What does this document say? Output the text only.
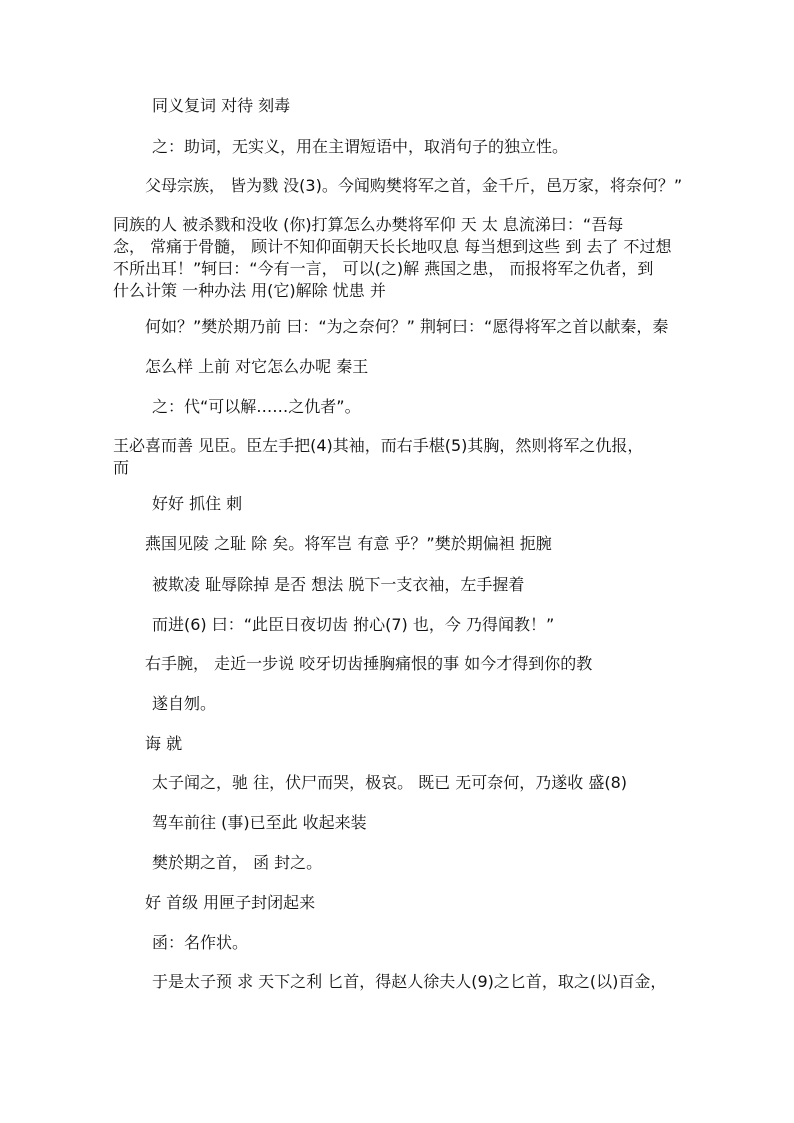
同义复词 对待 刻毒

之：助词，无实义，用在主谓短语中，取消句子的独立性。

父母宗族， 皆为戮 没(3)。今闻购樊将军之首，金千斤，邑万家，将奈何？”

同族的人 被杀戮和没收 (你)打算怎么办樊将军仰 天 太 息流涕曰：“吾每
念， 常痛于骨髓， 顾计不知仰面朝天长长地叹息 每当想到这些 到 去了 不过想
不所出耳！”轲曰：“今有一言， 可以(之)解 燕国之患， 而报将军之仇者，到
什么计策 一种办法 用(它)解除 忧患 并

何如？”樊於期乃前 曰：“为之奈何？” 荆轲曰：“愿得将军之首以献秦，秦

怎么样 上前 对它怎么办呢 秦王

之：代“可以解……之仇者”。

王必喜而善 见臣。臣左手把(4)其袖，而右手椹(5)其胸，然则将军之仇报，
而

好好 抓住 刺

燕国见陵 之耻 除 矣。将军岂 有意 乎？”樊於期偏袒 扼腕

被欺凌 耻辱除掉 是否 想法 脱下一支衣袖，左手握着

而进(6) 曰：“此臣日夜切齿 拊心(7) 也，今 乃得闻教！”

右手腕， 走近一步说 咬牙切齿捶胸痛恨的事 如今才得到你的教

遂自刎。

诲 就

太子闻之，驰 往，伏尸而哭，极哀。 既已 无可奈何，乃遂收 盛(8)

驾车前往 (事)已至此 收起来装

樊於期之首， 函 封之。

好 首级 用匣子封闭起来

函：名作状。

于是太子预 求 天下之利 匕首，得赵人徐夫人(9)之匕首，取之(以)百金，
